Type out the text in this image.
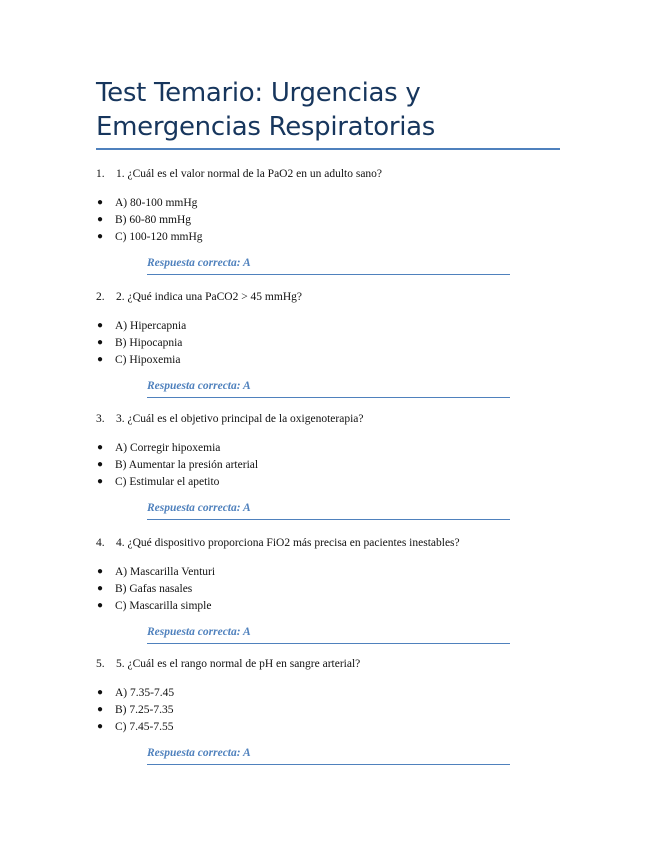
Test Temario: Urgencias y Emergencias Respiratorias
1. 1. ¿Cuál es el valor normal de la PaO2 en un adulto sano?
● A) 80-100 mmHg
● B) 60-80 mmHg
● C) 100-120 mmHg
Respuesta correcta: A
2. 2. ¿Qué indica una PaCO2 > 45 mmHg?
● A) Hipercapnia
● B) Hipocapnia
● C) Hipoxemia
Respuesta correcta: A
3. 3. ¿Cuál es el objetivo principal de la oxigenoterapia?
● A) Corregir hipoxemia
● B) Aumentar la presión arterial
● C) Estimular el apetito
Respuesta correcta: A
4. 4. ¿Qué dispositivo proporciona FiO2 más precisa en pacientes inestables?
● A) Mascarilla Venturi
● B) Gafas nasales
● C) Mascarilla simple
Respuesta correcta: A
5. 5. ¿Cuál es el rango normal de pH en sangre arterial?
● A) 7.35-7.45
● B) 7.25-7.35
● C) 7.45-7.55
Respuesta correcta: A
